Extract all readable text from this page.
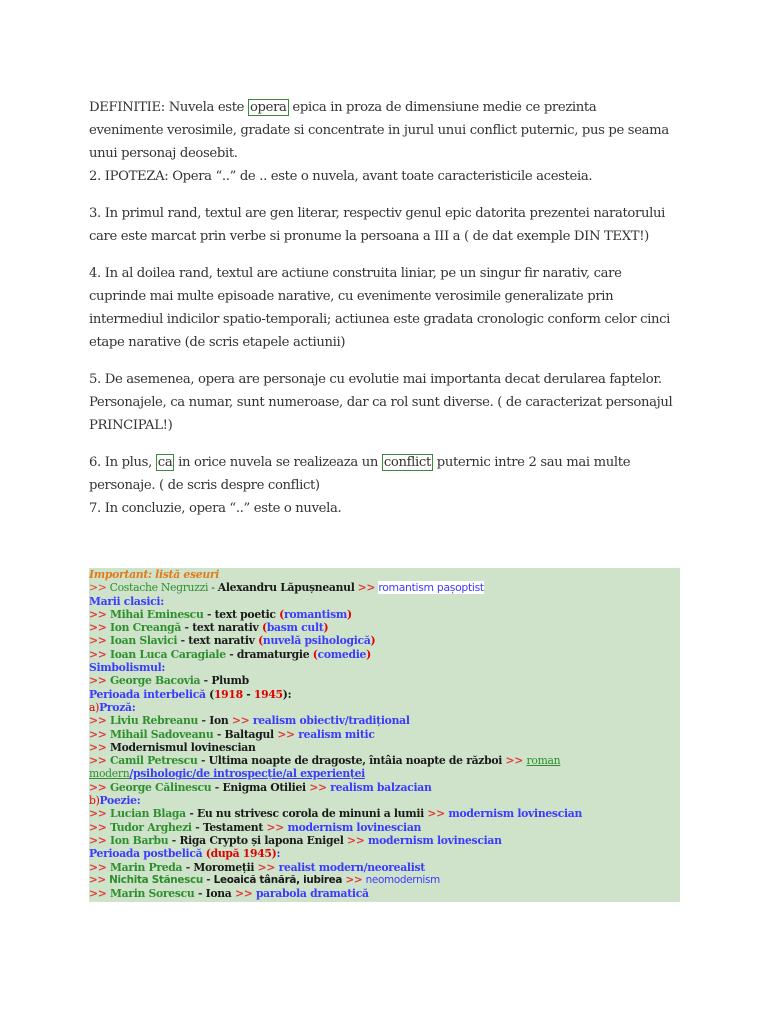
DEFINITIE: Nuvela este opera epica in proza de dimensiune medie ce prezinta evenimente verosimile, gradate si concentrate in jurul unui conflict puternic, pus pe seama unui personaj deosebit.

2. IPOTEZA: Opera “..” de .. este o nuvela, avant toate caracteristicile acesteia.

3. In primul rand, textul are gen literar, respectiv genul epic datorita prezentei naratorului care este marcat prin verbe si pronume la persoana a III a ( de dat exemple DIN TEXT!)

4. In al doilea rand, textul are actiune construita liniar, pe un singur fir narativ, care cuprinde mai multe episoade narative, cu evenimente verosimile generalizate prin intermediul indicilor spatio-temporali; actiunea este gradata cronologic conform celor cinci etape narative (de scris etapele actiunii)

5. De asemenea, opera are personaje cu evolutie mai importanta decat derularea faptelor. Personajele, ca numar, sunt numeroase, dar ca rol sunt diverse. ( de caracterizat personajul PRINCIPAL!)

6. In plus, ca in orice nuvela se realizeaza un conflict puternic intre 2 sau mai multe personaje. ( de scris despre conflict)

7. In concluzie, opera “..” este o nuvela.

Important: listă eseuri

>> Costache Negruzzi - Alexandru Lăpușneanul >> romantism pașoptist

Marii clasici:

>> Mihai Eminescu - text poetic (romantism)

>> Ion Creangă - text narativ (basm cult)

>> Ioan Slavici - text narativ (nuvelă psihologică)

>> Ioan Luca Caragiale - dramaturgie (comedie)

Simbolismul:

>> George Bacovia - Plumb

Perioada interbelică (1918 - 1945):

a)Proză:

>> Liviu Rebreanu - Ion >> realism obiectiv/tradițional

>> Mihail Sadoveanu - Baltagul >> realism mitic

>> Modernismul lovinescian

>> Camil Petrescu - Ultima noapte de dragoste, întâia noapte de război >> roman

modern/psihologic/de introspecție/al experienței

>> George Călinescu - Enigma Otiliei >> realism balzacian

b)Poezie:

>> Lucian Blaga - Eu nu strivesc corola de minuni a lumii >> modernism lovinescian

>> Tudor Arghezi - Testament >> modernism lovinescian

>> Ion Barbu - Riga Crypto și lapona Enigel >> modernism lovinescian

Perioada postbelică (după 1945):

>> Marin Preda - Moromeții >> realist modern/neorealist

>> Nichita Stănescu - Leoaică tânără, iubirea >> neomodernism

>> Marin Sorescu - Iona >> parabola dramatică
